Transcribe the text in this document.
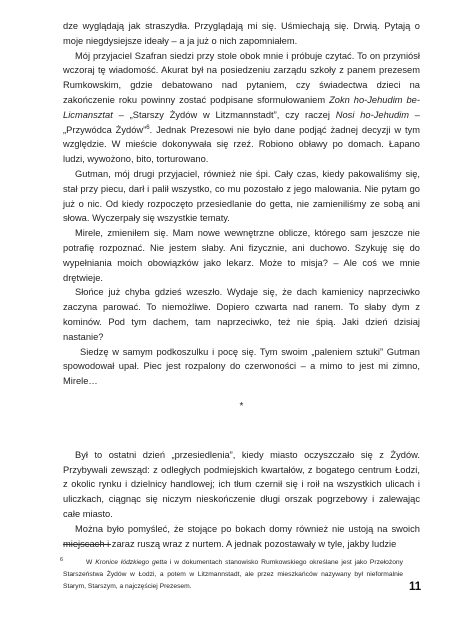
dze wyglądają jak straszydła. Przyglądają mi się. Uśmiechają się. Drwią. Pytają o moje niegdysiejsze ideały – a ja już o nich zapomniałem.

Mój przyjaciel Szafran siedzi przy stole obok mnie i próbuje czytać. To on przyniósł wczoraj tę wiadomość. Akurat był na posiedzeniu zarządu szkoły z panem prezesem Rumkowskim, gdzie debatowano nad pytaniem, czy świadectwa dzieci na zakończenie roku powinny zostać podpisane sformułowaniem Zokn ho-Jehudim be-Licmansztat – „Starszy Żydów w Litzmannstadt”, czy raczej Nosi ho-Jehudim – „Przywódca Żydów”$^6$. Jednak Prezesowi nie było dane podjąć żadnej decyzji w tym względzie. W mieście dokonywała się rzeź. Robiono obławy po domach. Łapano ludzi, wywożono, bito, torturowano.

Gutman, mój drugi przyjaciel, również nie śpi. Cały czas, kiedy pakowaliśmy się, stał przy piecu, darł i palił wszystko, co mu pozostało z jego malowania. Nie pytam go już o nic. Od kiedy rozpoczęto przesiedlanie do getta, nie zamieniliśmy ze sobą ani słowa. Wyczerpały się wszystkie tematy.

Mirele, zmieniłem się. Mam nowe wewnętrzne oblicze, którego sam jeszcze nie potrafię rozpoznać. Nie jestem słaby. Ani fizycznie, ani duchowo. Szykuję się do wypełniania moich obowiązków jako lekarz. Może to misja? – Ale coś we mnie drętwieje.

Słońce już chyba gdzieś wzeszło. Wydaje się, że dach kamienicy naprzeciwko zaczyna parować. To niemożliwe. Dopiero czwarta nad ranem. To słaby dym z kominów. Pod tym dachem, tam naprzeciwko, też nie śpią. Jaki dzień dzisiaj nastanie?

Siedzę w samym podkoszulku i pocę się. Tym swoim „paleniem sztuki” Gutman spowodował upał. Piec jest rozpalony do czerwoności – a mimo to jest mi zimno, Mirele…

*

Był to ostatni dzień „przesiedlenia”, kiedy miasto oczyszczało się z Żydów. Przybywali zewsząd: z odległych podmiejskich kwartałów, z bogatego centrum Łodzi, z okolic rynku i dzielnicy handlowej; ich tłum czernił się i roił na wszystkich ulicach i uliczkach, ciągnąc się niczym nieskończenie długi orszak pogrzebowy i zalewając całe miasto.

Można było pomyśleć, że stojące po bokach domy również nie ustoją na swoich miejscach i zaraz ruszą wraz z nurtem. A jednak pozostawały w tyle, jakby ludzie

6	W Kronice łódzkiego getta i w dokumentach stanowisko Rumkowskiego określane jest jako Przełożony Starszeństwa Żydów w Łodzi, a potem w Litzmannstadt, ale przez mieszkańców nazywany był nieformalnie Starym, Starszym, a najczęściej Prezesem.	11
